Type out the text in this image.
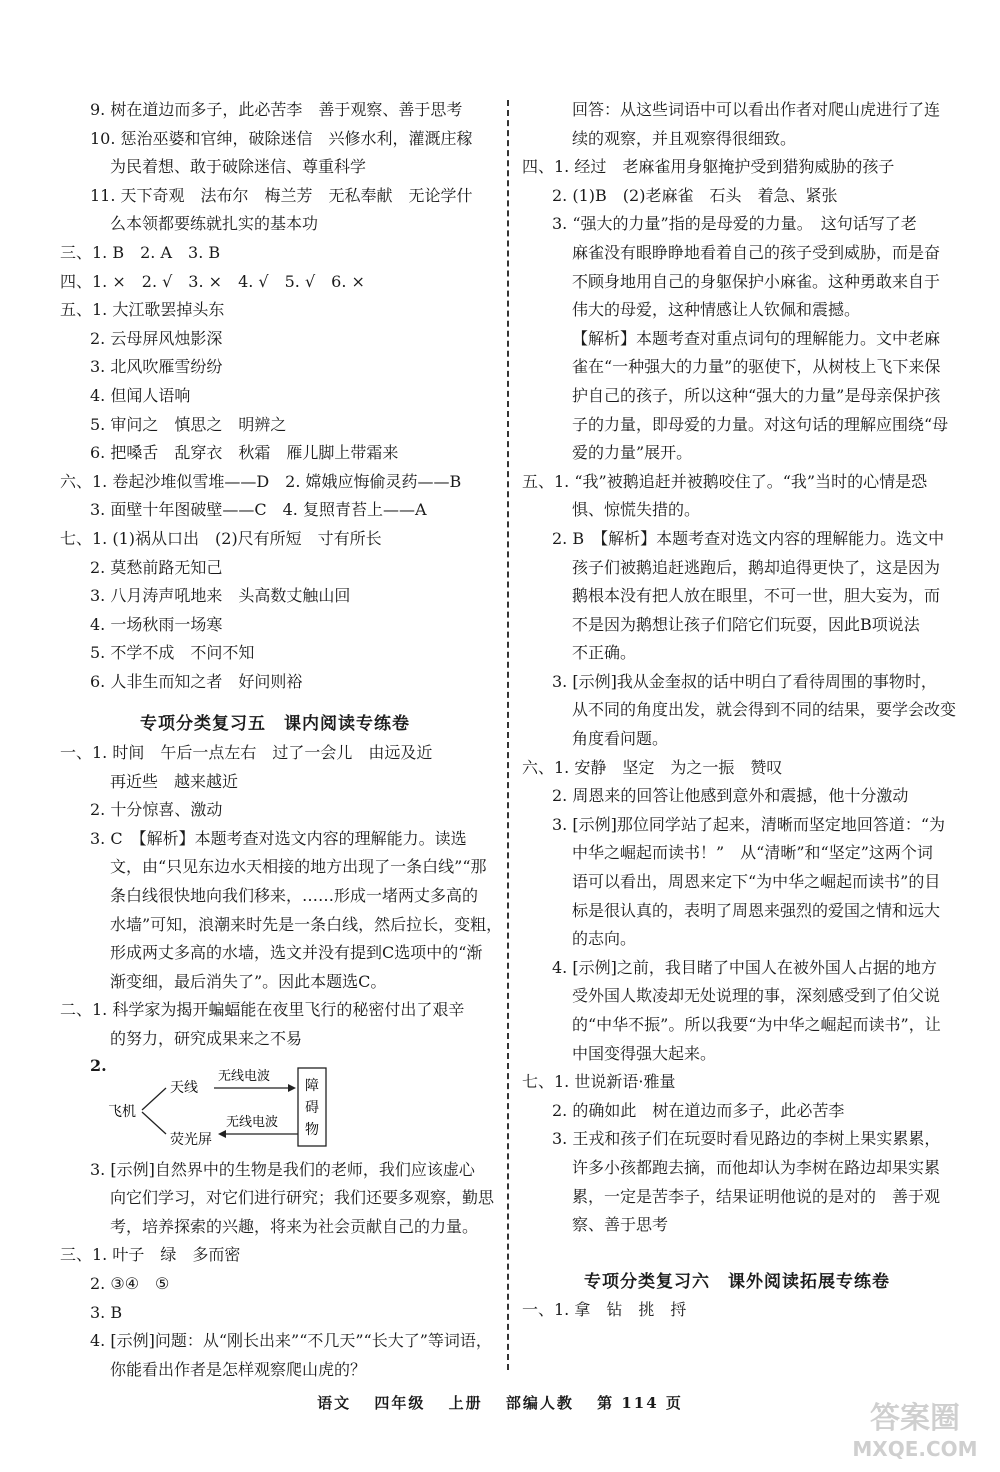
9. 树在道边而多子，此必苦李　善于观察、善于思考
10. 惩治巫婆和官绅，破除迷信　兴修水利，灌溉庄稼
为民着想、敢于破除迷信、尊重科学
11. 天下奇观　法布尔　梅兰芳　无私奉献　无论学什
么本领都要练就扎实的基本功
三、1. B　2. A　3. B
四、1. ×　2. √　3. ×　4. √　5. √　6. ×
五、1. 大江歌罢掉头东
2. 云母屏风烛影深
3. 北风吹雁雪纷纷
4. 但闻人语响
5. 审问之　慎思之　明辨之
6. 把嗓舌　乱穿衣　秋霜　雁儿脚上带霜来
六、1. 卷起沙堆似雪堆——D　2. 嫦娥应悔偷灵药——B
3. 面壁十年图破壁——C　4. 复照青苔上——A
七、1. (1)祸从口出　(2)尺有所短　寸有所长
2. 莫愁前路无知己
3. 八月涛声吼地来　头高数丈触山回
4. 一场秋雨一场寒
5. 不学不成　不问不知
6. 人非生而知之者　好问则裕
专项分类复习五　课内阅读专练卷
一、1. 时间　午后一点左右　过了一会儿　由远及近
再近些　越来越近
2. 十分惊喜、激动
3. C　【解析】本题考查对选文内容的理解能力。读选
文，由“只见东边水天相接的地方出现了一条白线”“那
条白线很快地向我们移来，……形成一堵两丈多高的
水墙”可知，浪潮来时先是一条白线，然后拉长，变粗，
形成两丈多高的水墙，选文并没有提到C选项中的“渐
渐变细，最后消失了”。因此本题选C。
二、1. 科学家为揭开蝙蝠能在夜里飞行的秘密付出了艰辛
的努力，研究成果来之不易
2.
飞机
天线
荧光屏
无线电波
无线电波
障碍物
3. [示例]自然界中的生物是我们的老师，我们应该虚心
向它们学习，对它们进行研究；我们还要多观察，勤思
考，培养探索的兴趣，将来为社会贡献自己的力量。
三、1. 叶子　绿　多而密
2. ③④　⑤
3. B
4. [示例]问题：从“刚长出来”“不几天”“长大了”等词语，
你能看出作者是怎样观察爬山虎的？
回答：从这些词语中可以看出作者对爬山虎进行了连
续的观察，并且观察得很细致。
四、1. 经过　老麻雀用身躯掩护受到猎狗威胁的孩子
2. (1)B　(2)老麻雀　石头　着急、紧张
3. “强大的力量”指的是母爱的力量。　这句话写了老
麻雀没有眼睁睁地看着自己的孩子受到威胁，而是奋
不顾身地用自己的身躯保护小麻雀。这种勇敢来自于
伟大的母爱，这种情感让人钦佩和震撼。
【解析】本题考查对重点词句的理解能力。文中老麻
雀在“一种强大的力量”的驱使下，从树枝上飞下来保
护自己的孩子，所以这种“强大的力量”是母亲保护孩
子的力量，即母爱的力量。对这句话的理解应围绕“母
爱的力量”展开。
五、1. “我”被鹅追赶并被鹅咬住了。“我”当时的心情是恐
惧、惊慌失措的。
2. B　【解析】本题考查对选文内容的理解能力。选文中
孩子们被鹅追赶逃跑后，鹅却追得更快了，这是因为
鹅根本没有把人放在眼里，不可一世，胆大妄为，而
不是因为鹅想让孩子们陪它们玩耍，因此B项说法
不正确。
3. [示例]我从金奎叔的话中明白了看待周围的事物时，
从不同的角度出发，就会得到不同的结果，要学会改变
角度看问题。
六、1. 安静　坚定　为之一振　赞叹
2. 周恩来的回答让他感到意外和震撼，他十分激动
3. [示例]那位同学站了起来，清晰而坚定地回答道：“为
中华之崛起而读书！”　从“清晰”和“坚定”这两个词
语可以看出，周恩来定下“为中华之崛起而读书”的目
标是很认真的，表明了周恩来强烈的爱国之情和远大
的志向。
4. [示例]之前，我目睹了中国人在被外国人占据的地方
受外国人欺凌却无处说理的事，深刻感受到了伯父说
的“中华不振”。所以我要“为中华之崛起而读书”，让
中国变得强大起来。
七、1. 世说新语·雅量
2. 的确如此　树在道边而多子，此必苦李
3. 王戎和孩子们在玩耍时看见路边的李树上果实累累，
许多小孩都跑去摘，而他却认为李树在路边却果实累
累，一定是苦李子，结果证明他说的是对的　善于观
察、善于思考
专项分类复习六　课外阅读拓展专练卷
一、1. 拿　钻　挑　捋
语文 四年级 上册 部编人教 第 114 页	答案圈
MXQE.COM
